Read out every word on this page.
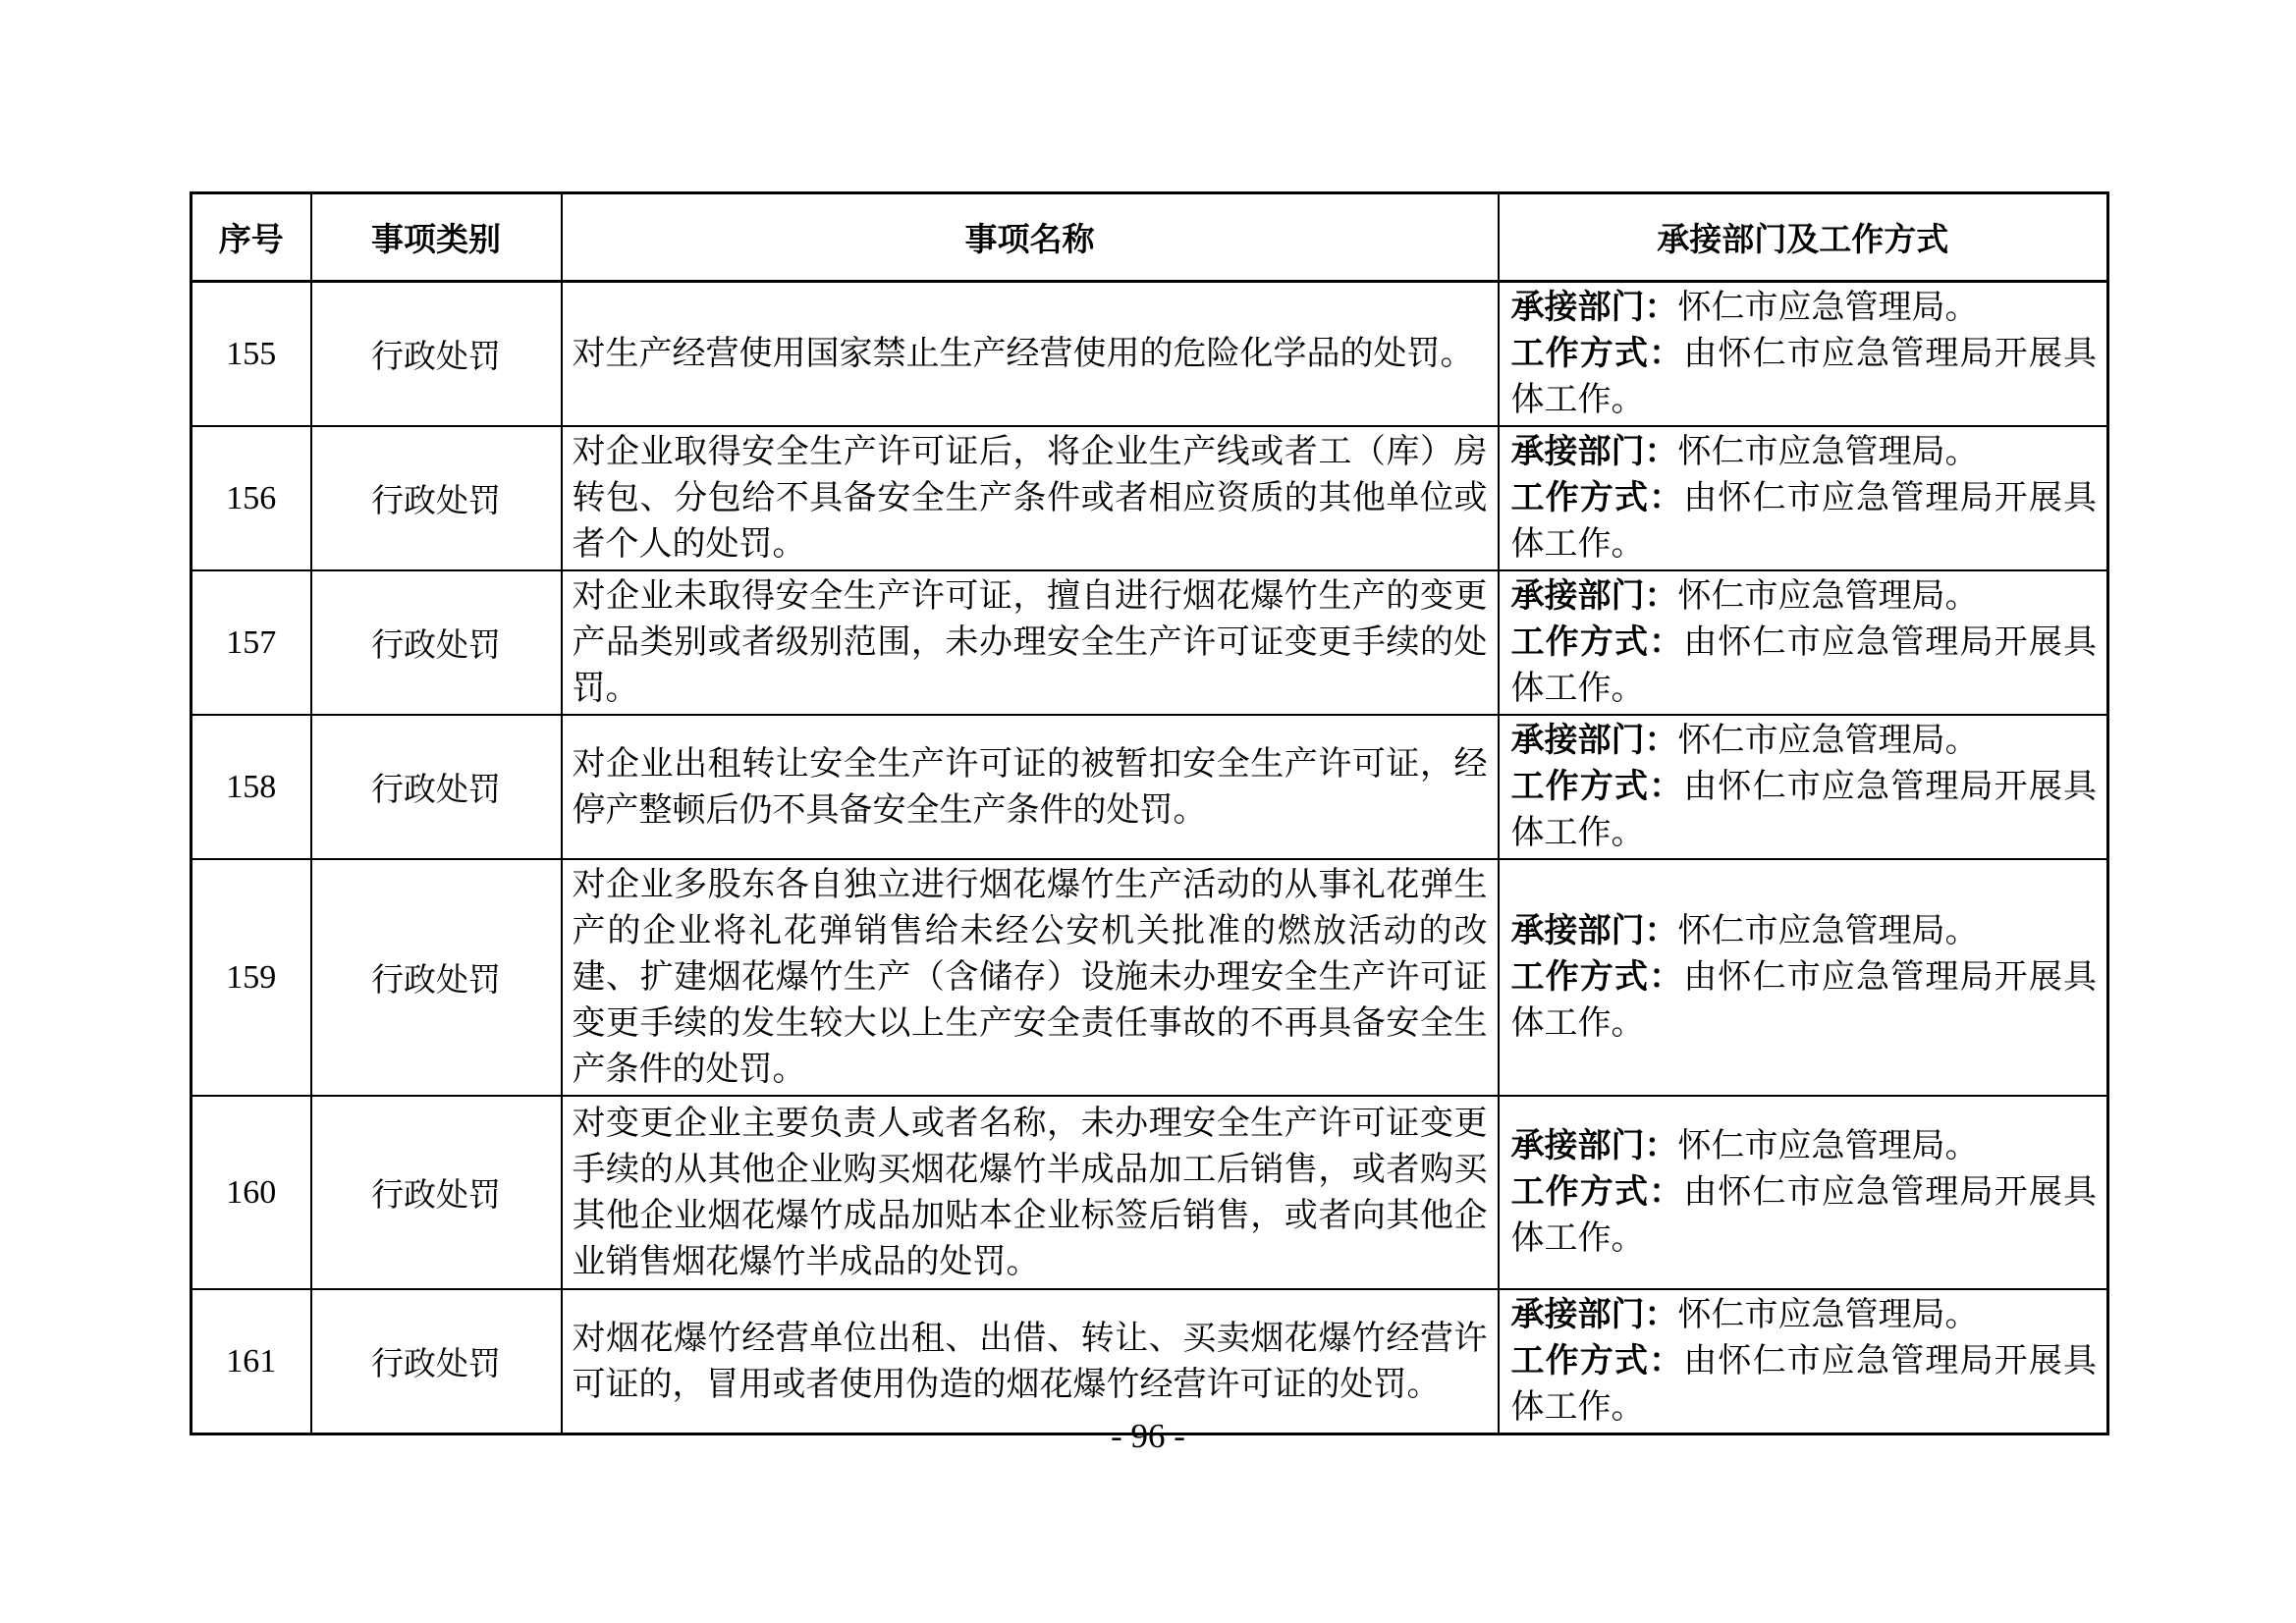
序号	事项类别	事项名称	承接部门及工作方式
155	行政处罚	对生产经营使用国家禁止生产经营使用的危险化学品的处罚。	承接部门：怀仁市应急管理局。
工作方式：由怀仁市应急管理局开展具体工作。

156	行政处罚	对企业取得安全生产许可证后，将企业生产线或者工（库）房转包、分包给不具备安全生产条件或者相应资质的其他单位或者个人的处罚。	承接部门：怀仁市应急管理局。
工作方式：由怀仁市应急管理局开展具体工作。

157	行政处罚	对企业未取得安全生产许可证，擅自进行烟花爆竹生产的变更产品类别或者级别范围，未办理安全生产许可证变更手续的处罚。	承接部门：怀仁市应急管理局。
工作方式：由怀仁市应急管理局开展具体工作。

158	行政处罚	对企业出租转让安全生产许可证的被暂扣安全生产许可证，经停产整顿后仍不具备安全生产条件的处罚。	承接部门：怀仁市应急管理局。
工作方式：由怀仁市应急管理局开展具体工作。

159	行政处罚	对企业多股东各自独立进行烟花爆竹生产活动的从事礼花弹生产的企业将礼花弹销售给未经公安机关批准的燃放活动的改建、扩建烟花爆竹生产（含储存）设施未办理安全生产许可证变更手续的发生较大以上生产安全责任事故的不再具备安全生产条件的处罚。	承接部门：怀仁市应急管理局。
工作方式：由怀仁市应急管理局开展具体工作。

160	行政处罚	对变更企业主要负责人或者名称，未办理安全生产许可证变更手续的从其他企业购买烟花爆竹半成品加工后销售，或者购买其他企业烟花爆竹成品加贴本企业标签后销售，或者向其他企业销售烟花爆竹半成品的处罚。	承接部门：怀仁市应急管理局。
工作方式：由怀仁市应急管理局开展具体工作。

161	行政处罚	对烟花爆竹经营单位出租、出借、转让、买卖烟花爆竹经营许可证的，冒用或者使用伪造的烟花爆竹经营许可证的处罚。	承接部门：怀仁市应急管理局。
工作方式：由怀仁市应急管理局开展具体工作。
- 96 -
